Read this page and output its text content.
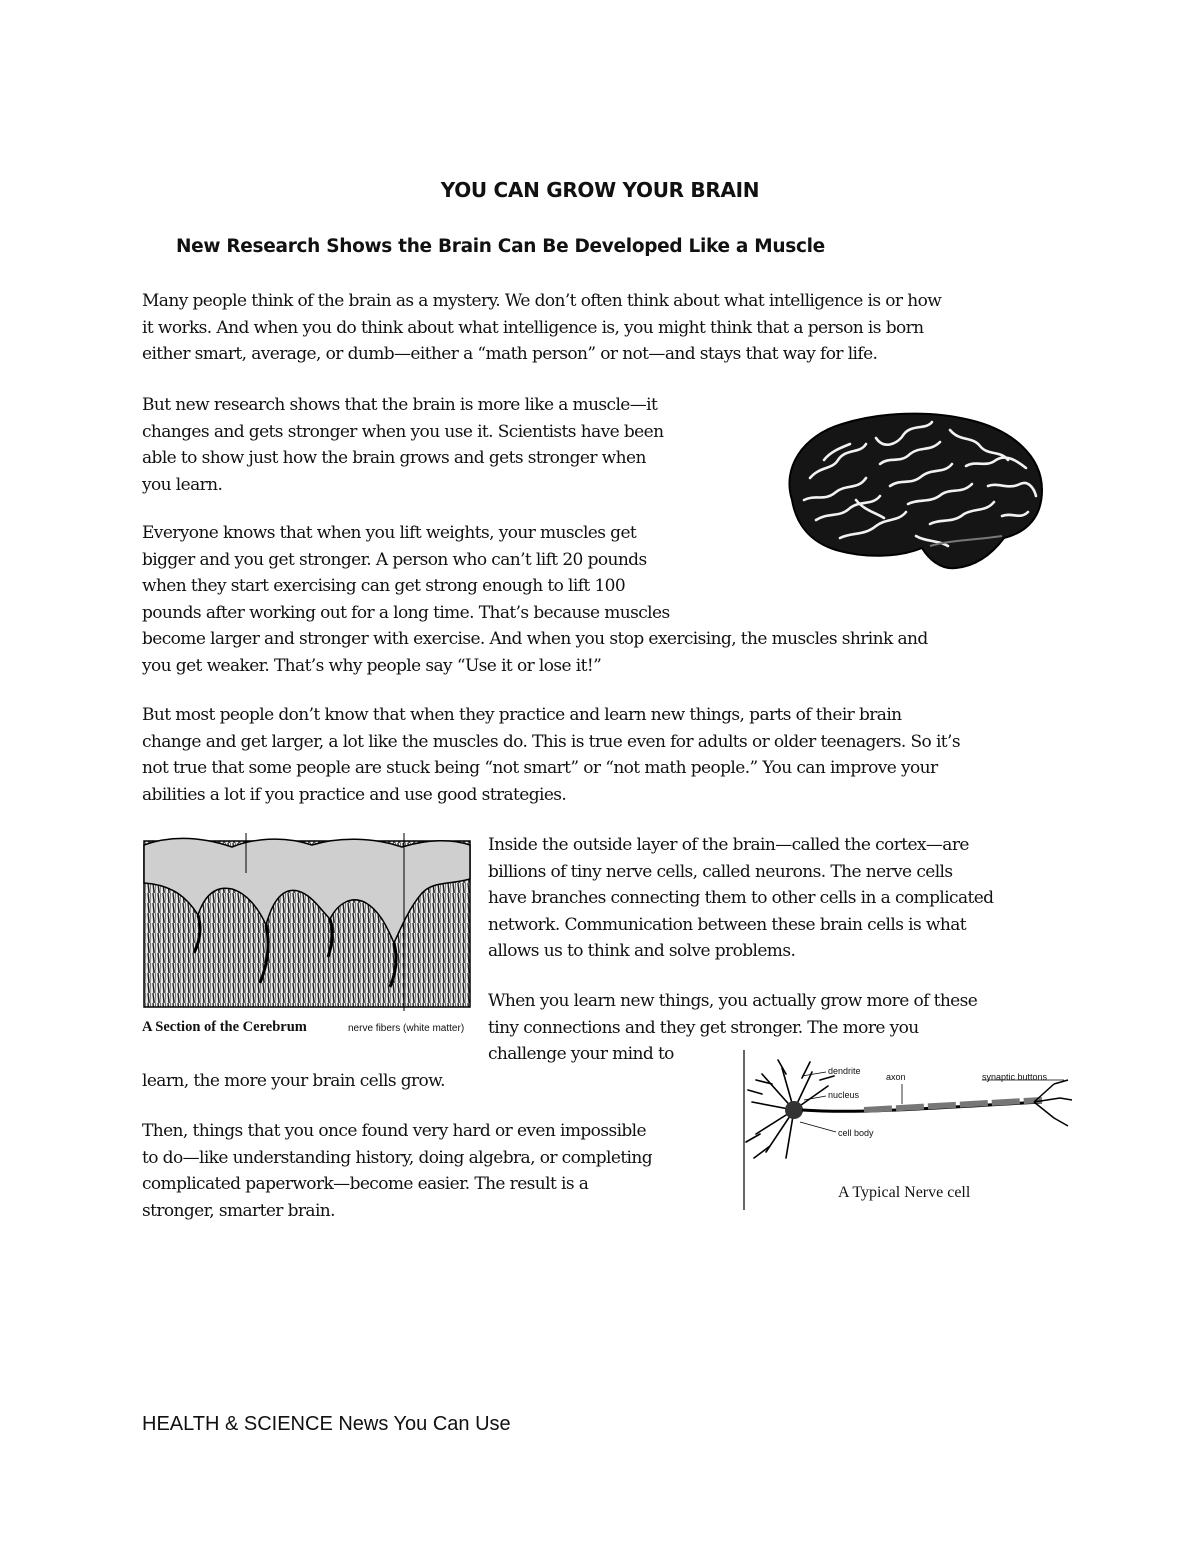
YOU CAN GROW YOUR BRAIN
New Research Shows the Brain Can Be Developed Like a Muscle
Many people think of the brain as a mystery. We don’t often think about what intelligence is or how
it works. And when you do think about what intelligence is, you might think that a person is born
either smart, average, or dumb—either a “math person” or not—and stays that way for life.
But new research shows that the brain is more like a muscle—it
changes and gets stronger when you use it. Scientists have been
able to show just how the brain grows and gets stronger when
you learn.
Everyone knows that when you lift weights, your muscles get
bigger and you get stronger. A person who can’t lift 20 pounds
when they start exercising can get strong enough to lift 100
pounds after working out for a long time. That’s because muscles
become larger and stronger with exercise. And when you stop exercising, the muscles shrink and
you get weaker. That’s why people say “Use it or lose it!”
But most people don’t know that when they practice and learn new things, parts of their brain
change and get larger, a lot like the muscles do. This is true even for adults or older teenagers. So it’s
not true that some people are stuck being “not smart” or “not math people.” You can improve your
abilities a lot if you practice and use good strategies.
Inside the outside layer of the brain—called the cortex—are
billions of tiny nerve cells, called neurons. The nerve cells
have branches connecting them to other cells in a complicated
network. Communication between these brain cells is what
allows us to think and solve problems.
When you learn new things, you actually grow more of these
tiny connections and they get stronger. The more you
challenge your mind to
learn, the more your brain cells grow.
Then, things that you once found very hard or even impossible
to do—like understanding history, doing algebra, or completing
complicated paperwork—become easier. The result is a
stronger, smarter brain.
A Section of the Cerebrum	nerve fibers (white matter)
dendrite
axon	synaptic buttons
nucleus
cell body
A Typical Nerve cell
HEALTH & SCIENCE News You Can Use
